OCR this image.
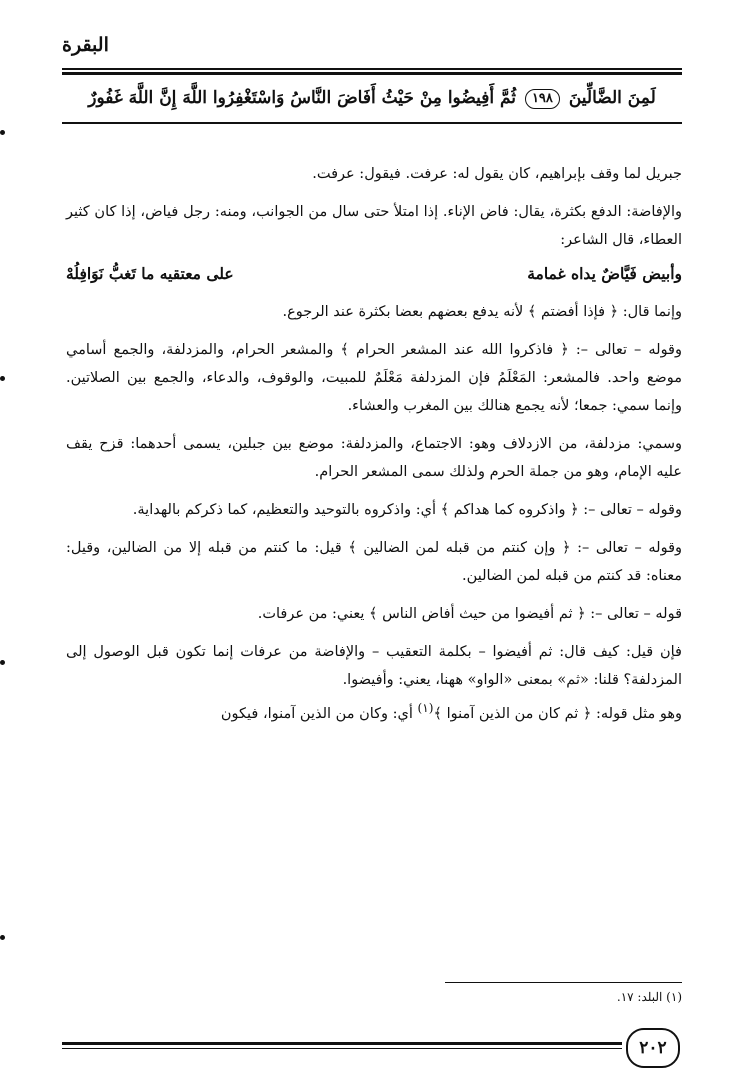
البقرة
لَمِنَ الضَّالِّينَ ١٩٨ ثُمَّ أَفِيضُوا مِنْ حَيْثُ أَفَاضَ النَّاسُ وَاسْتَغْفِرُوا اللَّهَ إِنَّ اللَّهَ غَفُورٌ

جبريل لما وقف بإبراهيم، كان يقول له: عرفت. فيقول: عرفت.

والإفاضة: الدفع بكثرة، يقال: فاض الإناء. إذا امتلأ حتى سال من الجوانب، ومنه: رجل فياض، إذا كان كثير العطاء، قال الشاعر:

وأبيض فَيَّاضٌ يداه غمامة
على معتقيه ما تَغبُّ نَوَافِلُهْ

وإنما قال: ﴿ فإذا أفضتم ﴾ لأنه يدفع بعضهم بعضا بكثرة عند الرجوع.

وقوله – تعالى –: ﴿ فاذكروا الله عند المشعر الحرام ﴾ والمشعر الحرام، والمزدلفة، والجمع أسامي موضع واحد. فالمشعر: المَعْلَمُ فإن المزدلفة مَعْلَمٌ للمبيت، والوقوف، والدعاء، والجمع بين الصلاتين. وإنما سمي: جمعا؛ لأنه يجمع هنالك بين المغرب والعشاء.

وسمي: مزدلفة، من الازدلاف وهو: الاجتماع، والمزدلفة: موضع بين جبلين، يسمى أحدهما: قزح يقف عليه الإمام، وهو من جملة الحرم ولذلك سمى المشعر الحرام.

وقوله – تعالى –: ﴿ واذكروه كما هداكم ﴾ أي: واذكروه بالتوحيد والتعظيم، كما ذكركم بالهداية.

وقوله – تعالى –: ﴿ وإن كنتم من قبله لمن الضالين ﴾ قيل: ما كنتم من قبله إلا من الضالين، وقيل: معناه: قد كنتم من قبله لمن الضالين.

قوله – تعالى –: ﴿ ثم أفيضوا من حيث أفاض الناس ﴾ يعني: من عرفات.

فإن قيل: كيف قال: ثم أفيضوا – بكلمة التعقيب – والإفاضة من عرفات إنما تكون قبل الوصول إلى المزدلفة؟ قلنا: «ثم» بمعنى «الواو» ههنا، يعني: وأفيضوا.

وهو مثل قوله: ﴿ ثم كان من الذين آمنوا ﴾$^{(١)}$ أي: وكان من الذين آمنوا، فيكون

(١) البلد: ١٧.
٢٠٢
